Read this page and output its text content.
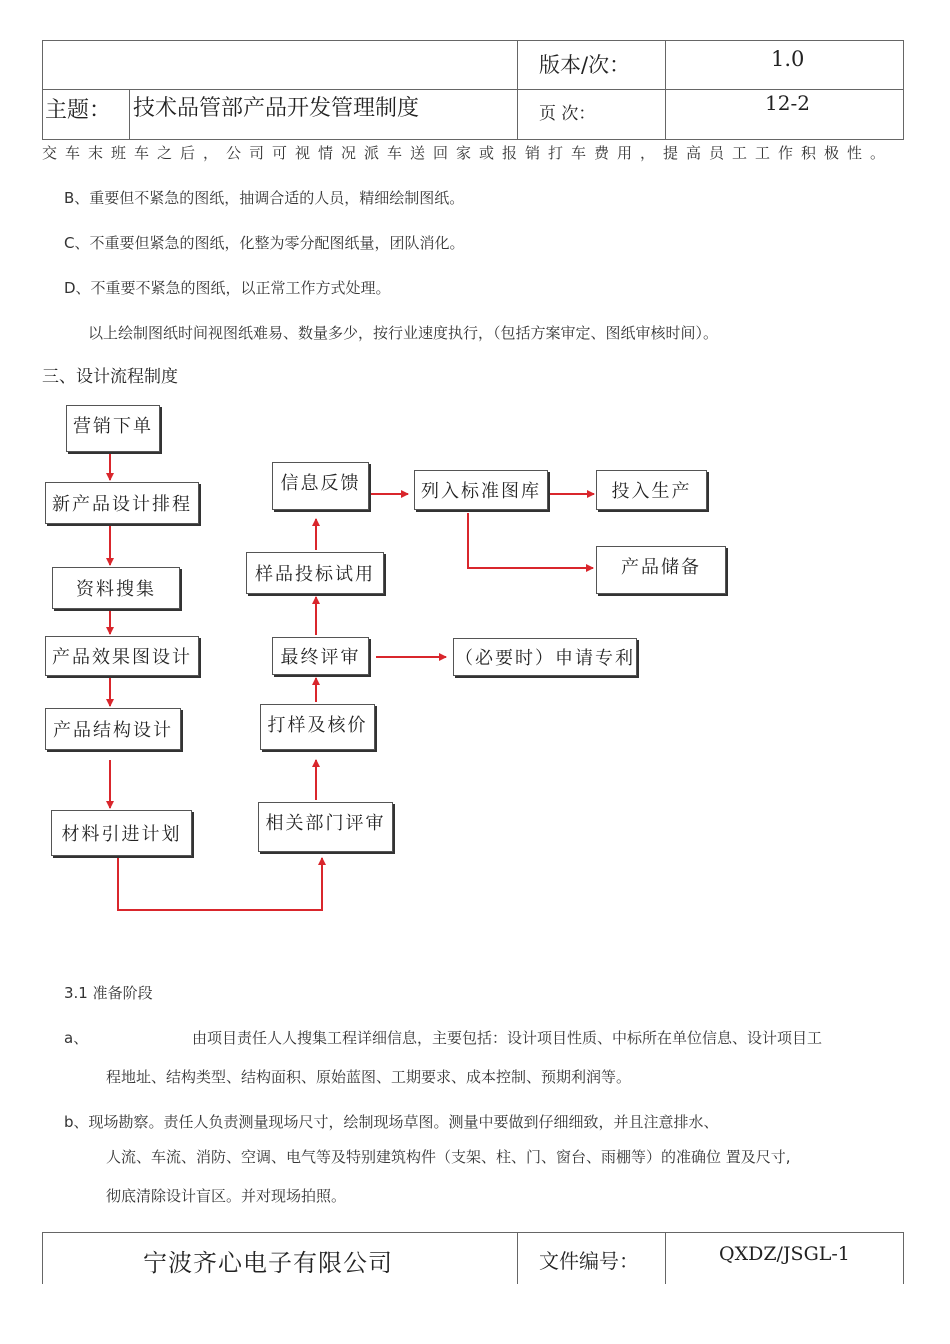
版本/次：	1.0
主题： 技术品管部产品开发管理制度	页 次：	12-2
交车末班车之后，公司可视情况派车送回家或报销打车费用，提高员工工作积极性。
B、重要但不紧急的图纸，抽调合适的人员，精细绘制图纸。
C、不重要但紧急的图纸，化整为零分配图纸量，团队消化。
D、不重要不紧急的图纸，以正常工作方式处理。
以上绘制图纸时间视图纸难易、数量多少，按行业速度执行，（包括方案审定、图纸审核时间）。
三、设计流程制度
营销下单
新产品设计排程
资料搜集
产品效果图设计
产品结构设计
材料引进计划
相关部门评审
打样及核价
最终评审	（必要时）申请专利
样品投标试用
信息反馈	列入标准图库	投入生产
产品储备
3.1 准备阶段
a、	由项目责任人人搜集工程详细信息，主要包括：设计项目性质、中标所在单位信息、设计项目工
程地址、结构类型、结构面积、原始蓝图、工期要求、成本控制、预期利润等。
b、现场勘察。责任人负责测量现场尺寸，绘制现场草图。测量中要做到仔细细致，并且注意排水、
人流、车流、消防、空调、电气等及特别建筑构件（支架、柱、门、窗台、雨棚等）的准确位 置及尺寸,
彻底清除设计盲区。并对现场拍照。
宁波齐心电子有限公司	文件编号：	QXDZ/JSGL-1
